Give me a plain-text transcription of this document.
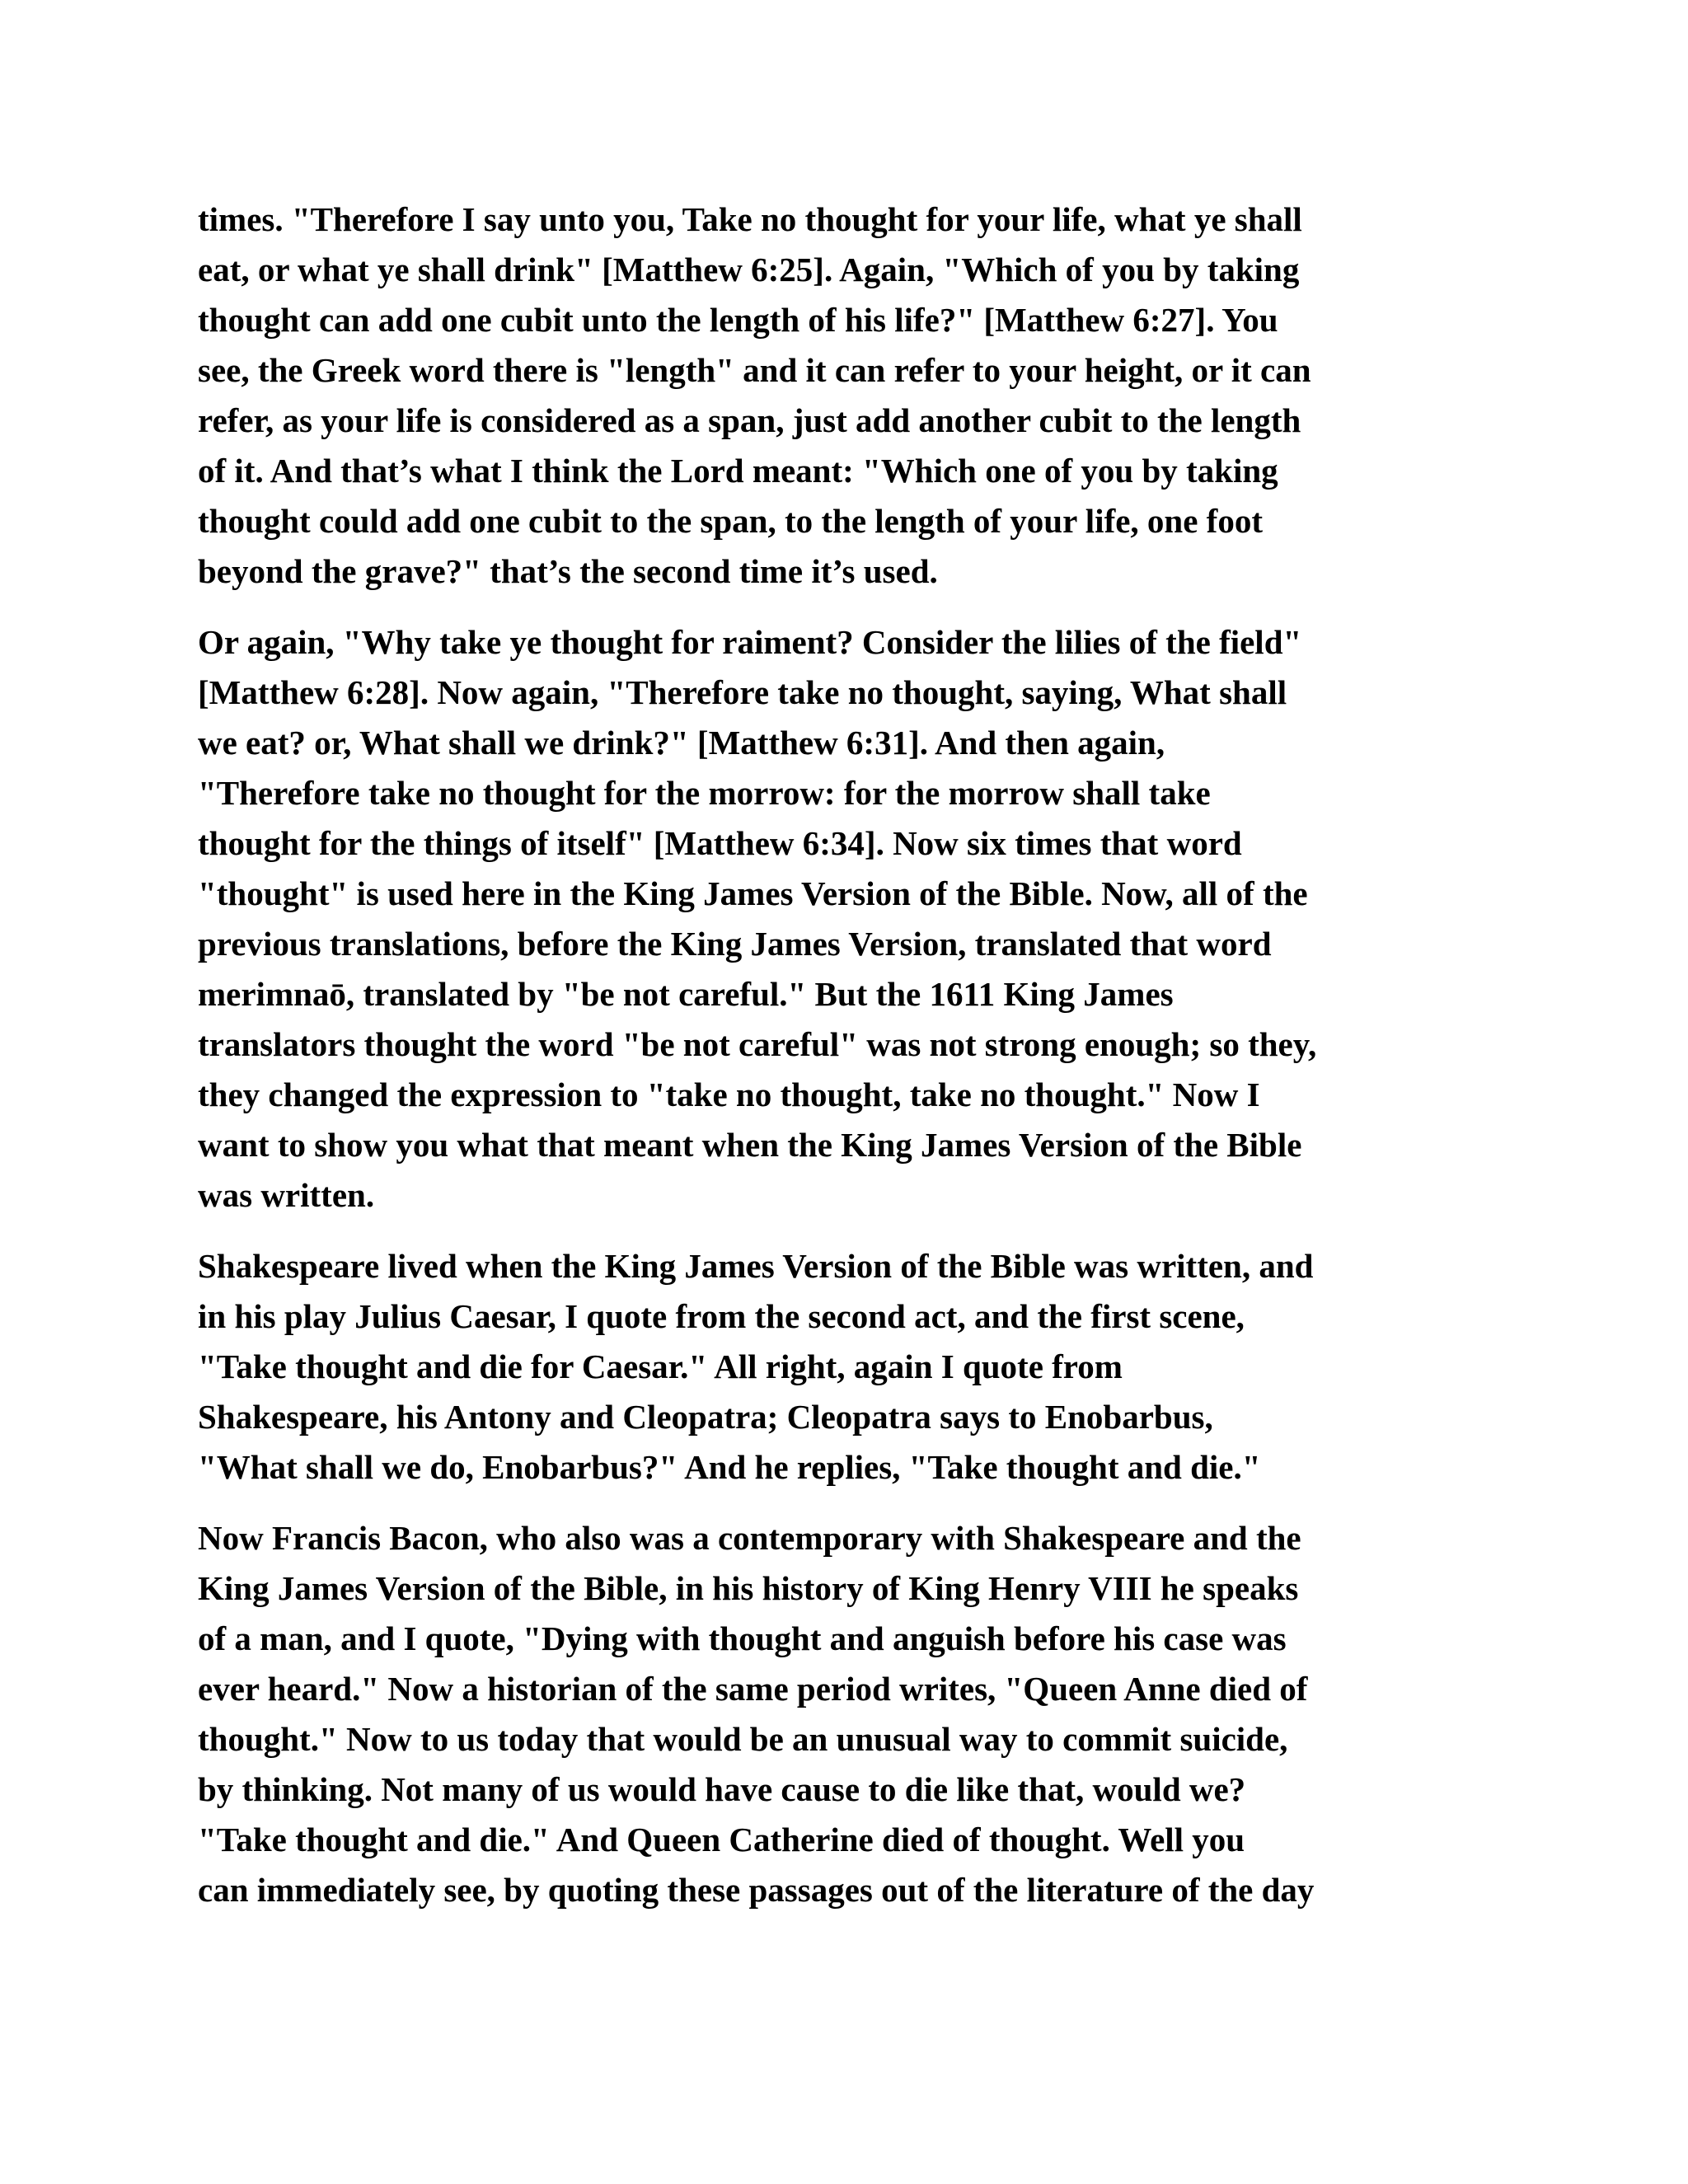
times. "Therefore I say unto you, Take no thought for your life, what ye shall
eat, or what ye shall drink" [Matthew 6:25]. Again, "Which of you by taking
thought can add one cubit unto the length of his life?" [Matthew 6:27]. You
see, the Greek word there is "length" and it can refer to your height, or it can
refer, as your life is considered as a span, just add another cubit to the length
of it. And that’s what I think the Lord meant: "Which one of you by taking
thought could add one cubit to the span, to the length of your life, one foot
beyond the grave?" that’s the second time it’s used.

Or again, "Why take ye thought for raiment? Consider the lilies of the field"
[Matthew 6:28]. Now again, "Therefore take no thought, saying, What shall
we eat? or, What shall we drink?" [Matthew 6:31]. And then again,
"Therefore take no thought for the morrow: for the morrow shall take
thought for the things of itself" [Matthew 6:34]. Now six times that word
"thought" is used here in the King James Version of the Bible. Now, all of the
previous translations, before the King James Version, translated that word
merimnaō, translated by "be not careful." But the 1611 King James
translators thought the word "be not careful" was not strong enough; so they,
they changed the expression to "take no thought, take no thought." Now I
want to show you what that meant when the King James Version of the Bible
was written.

Shakespeare lived when the King James Version of the Bible was written, and
in his play Julius Caesar, I quote from the second act, and the first scene,
"Take thought and die for Caesar." All right, again I quote from
Shakespeare, his Antony and Cleopatra; Cleopatra says to Enobarbus,
"What shall we do, Enobarbus?" And he replies, "Take thought and die."

Now Francis Bacon, who also was a contemporary with Shakespeare and the
King James Version of the Bible, in his history of King Henry VIII he speaks
of a man, and I quote, "Dying with thought and anguish before his case was
ever heard." Now a historian of the same period writes, "Queen Anne died of
thought." Now to us today that would be an unusual way to commit suicide,
by thinking. Not many of us would have cause to die like that, would we?
"Take thought and die." And Queen Catherine died of thought. Well you
can immediately see, by quoting these passages out of the literature of the day
